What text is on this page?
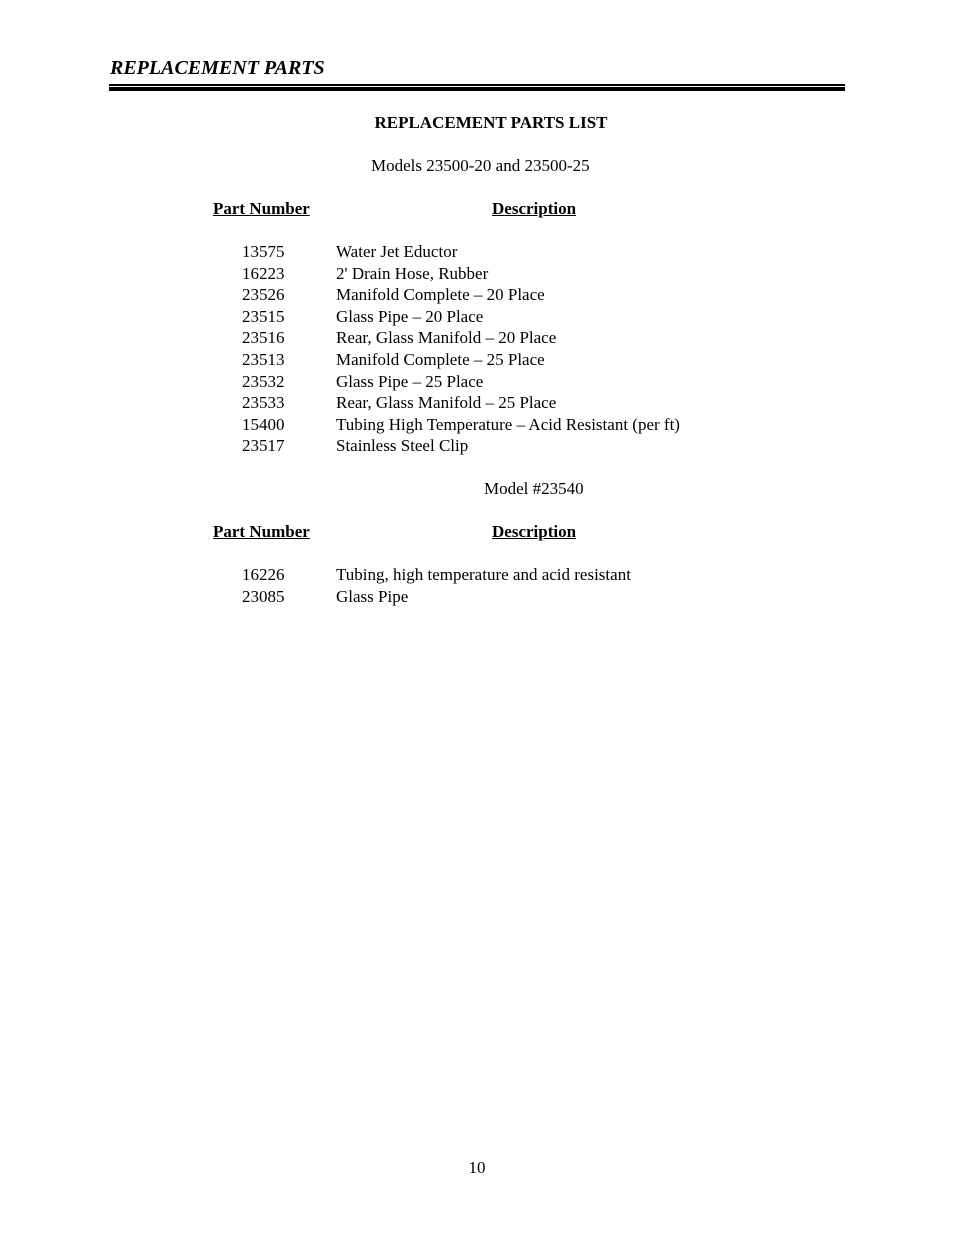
REPLACEMENT PARTS
REPLACEMENT PARTS LIST
Models 23500-20 and 23500-25
Part Number	Description
13575	Water Jet Eductor
16223	2' Drain Hose, Rubber
23526	Manifold Complete – 20 Place
23515	Glass Pipe – 20 Place
23516	Rear, Glass Manifold – 20 Place
23513	Manifold Complete – 25 Place
23532	Glass Pipe – 25 Place
23533	Rear, Glass Manifold – 25 Place
15400	Tubing High Temperature – Acid Resistant (per ft)
23517	Stainless Steel Clip
Model #23540
Part Number	Description
16226	Tubing, high temperature and acid resistant
23085	Glass Pipe
10
